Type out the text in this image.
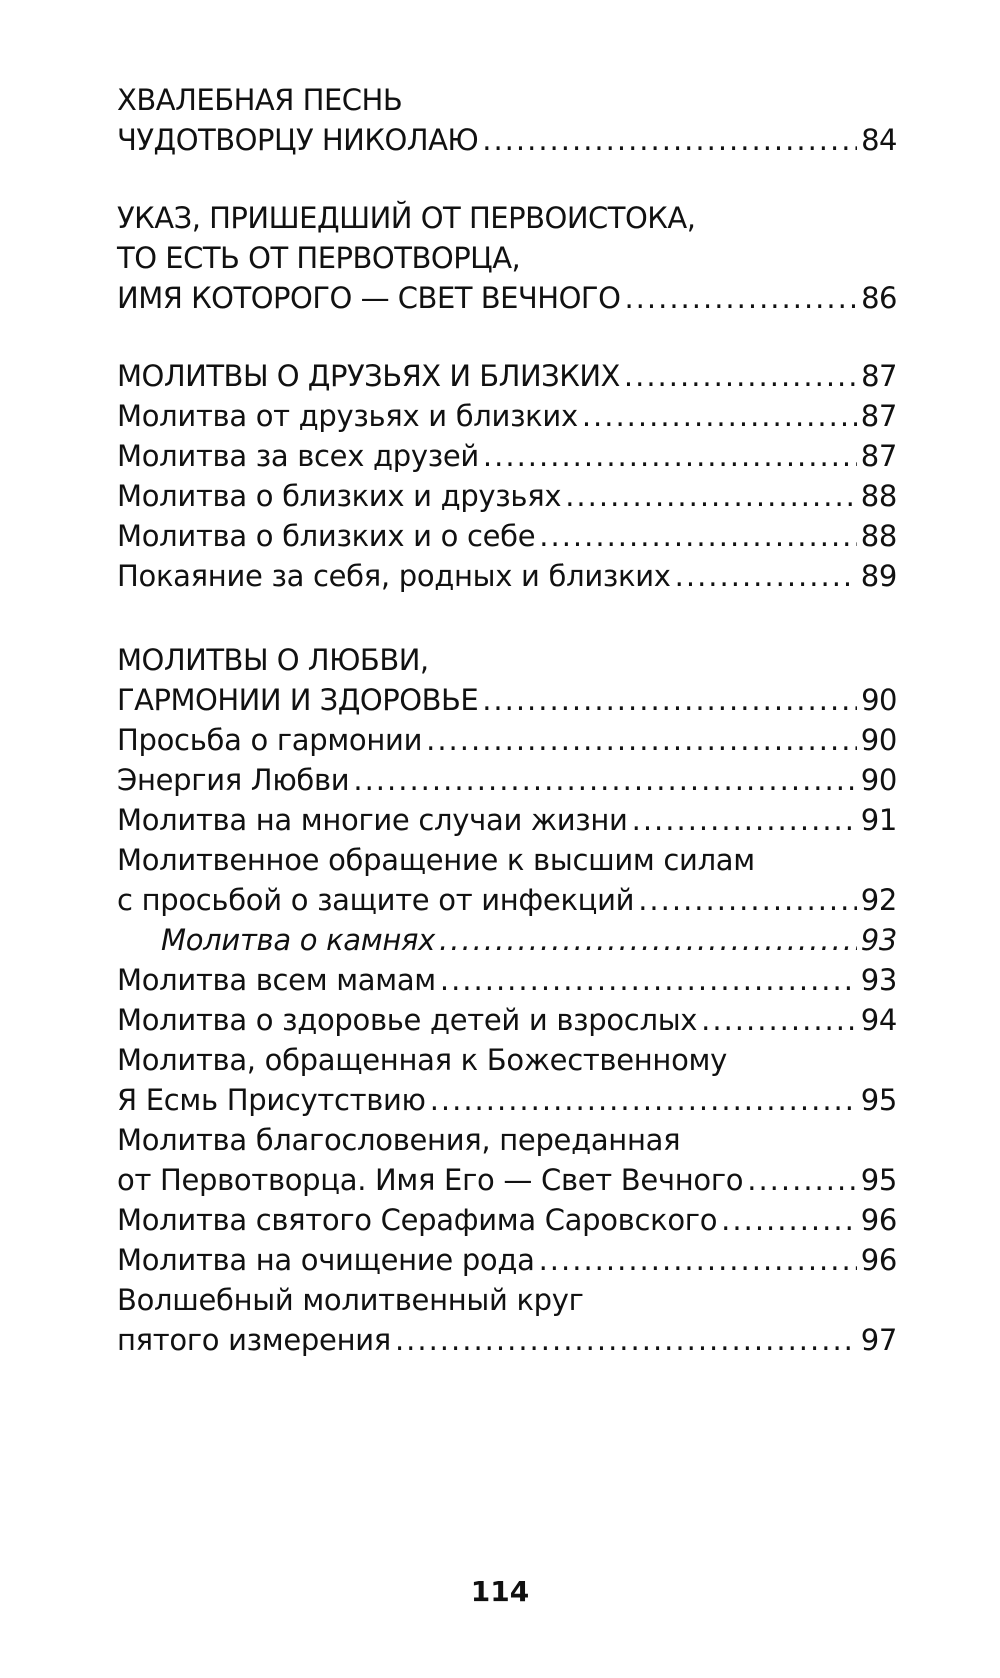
ХВАЛЕБНАЯ ПЕСНЬ
ЧУДОТВОРЦУ НИКОЛАЮ .....	84
УКАЗ, ПРИШЕДШИЙ ОТ ПЕРВОИСТОКА,
ТО ЕСТЬ ОТ ПЕРВОТВОРЦА,
ИМЯ КОТОРОГО — СВЕТ ВЕЧНОГО .....	86
МОЛИТВЫ О ДРУЗЬЯХ И БЛИЗКИХ .....	87
Молитва от друзьях и близких .....	87
Молитва за всех друзей .....	87
Молитва о близких и друзьях .....	88
Молитва о близких и о себе .....	88
Покаяние за себя, родных и близких .....	89
МОЛИТВЫ О ЛЮБВИ,
ГАРМОНИИ И ЗДОРОВЬЕ .....	90
Просьба о гармонии .....	90
Энергия Любви .....	90
Молитва на многие случаи жизни .....	91
Молитвенное обращение к высшим силам
с просьбой о защите от инфекций .....	92
Молитва о камнях .....	93
Молитва всем мамам .....	93
Молитва о здоровье детей и взрослых .....	94
Молитва, обращенная к Божественному
Я Есмь Присутствию .....	95
Молитва благословения, переданная
от Первотворца. Имя Его — Свет Вечного .....	95
Молитва святого Серафима Саровского .....	96
Молитва на очищение рода .....	96
Волшебный молитвенный круг
пятого измерения .....	97
114
